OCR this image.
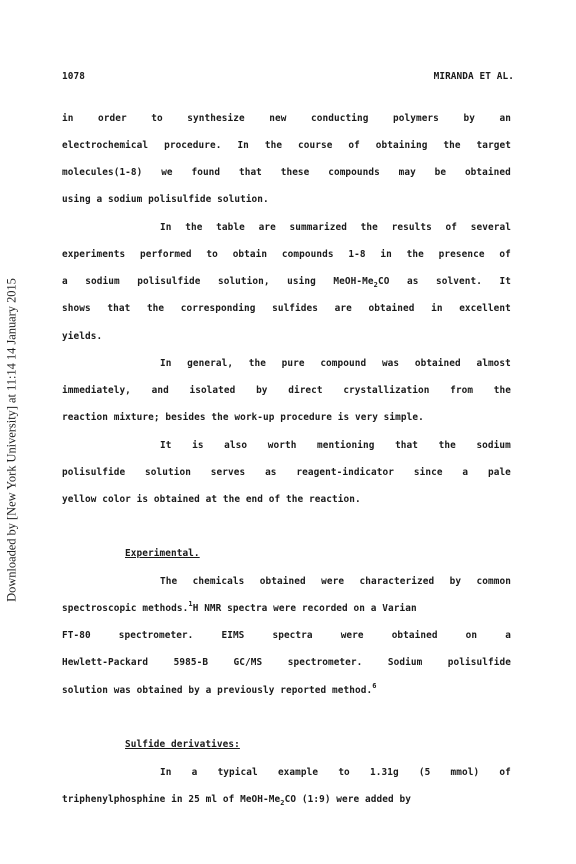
1078	MIRANDA ET AL.
Downloaded by [New York University] at 11:14 14 January 2015
in	order	to	synthesize	new	conducting	polymers	by	an
electrochemical procedure. In the course of obtaining the target
molecules(1-8) we found that these compounds may be obtained
using a sodium polisulfide solution.
In the table are summarized the results of several
experiments performed to obtain compounds 1-8 in the presence of
a sodium polisulfide solution, using MeOH-$Me_2CO$ as solvent. It
shows that the corresponding sulfides are obtained in excellent
yields.
In general, the pure compound was obtained almost
immediately, and isolated by direct crystallization from the
reaction mixture; besides the work-up procedure is very simple.
It is also worth mentioning that the sodium
polisulfide solution serves as reagent-indicator since a pale
yellow color is obtained at the end of the reaction.
Experimental.
The chemicals obtained were characterized by common
spectroscopic methods.$^1$H NMR spectra were recorded on a Varian
FT-80	spectrometer.	EIMS	spectra	were	obtained	on	a
Hewlett-Packard	5985-B	GC/MS	spectrometer.	Sodium	polisulfide
solution was obtained by a previously reported method.$^6$
Sulfide derivatives:
In a typical example to 1.31g (5 mmol) of
triphenylphosphine in 25 ml of MeOH-$Me_2CO$ (1:9) were added by
